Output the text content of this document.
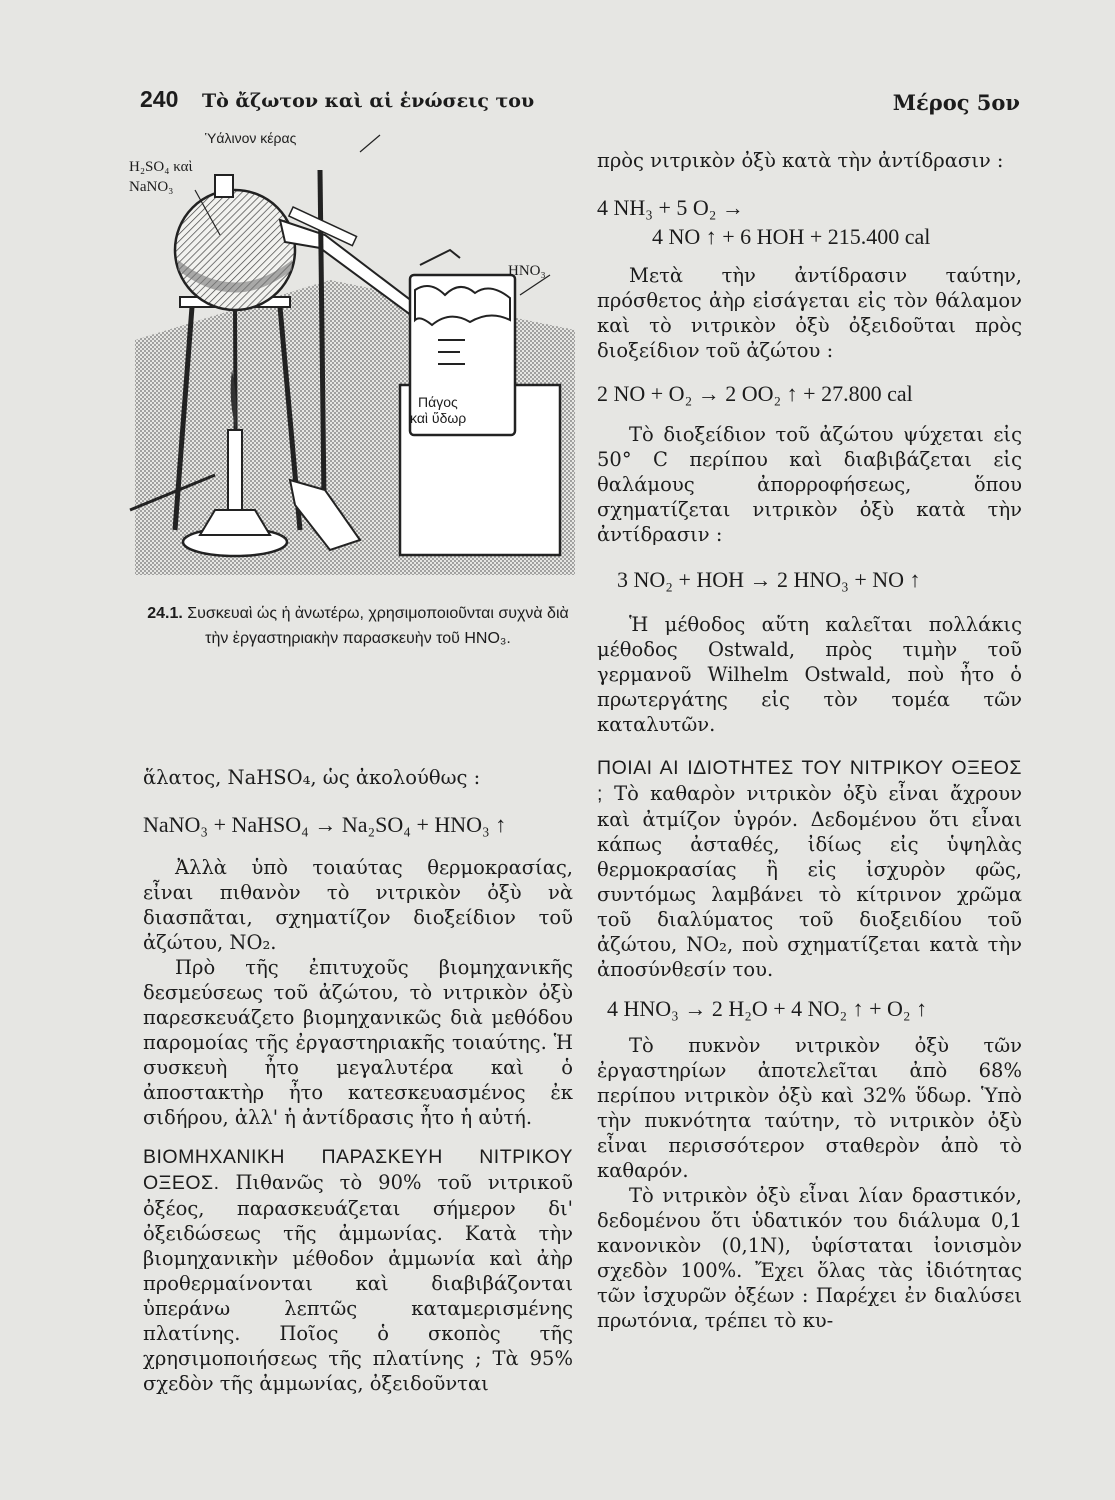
240 Τὸ ἄζωτον καὶ αἱ ἑνώσεις του	Μέρος 5ον
Ὑάλινον κέρας
H₂SO₄ καὶ
NaNO₃
HNO₃
Πάγος
καὶ ὕδωρ
24.1. Συσκευαὶ ὡς ἡ ἀνωτέρω, χρησιμοποιοῦνται συχνὰ διὰ τὴν ἐργαστηριακὴν παρασκευὴν τοῦ HNO₃.

ἅλατος, NaHSO₄, ὡς ἀκολούθως :

NaNO₃ + NaHSO₄ → Na₂SO₄ + HNO₃ ↑

Ἀλλὰ ὑπὸ τοιαύτας θερμοκρασίας, εἶναι πιθανὸν τὸ νιτρικὸν ὀξὺ νὰ διασπᾶται, σχηματίζον διοξείδιον τοῦ ἀζώτου, NO₂.

Πρὸ τῆς ἐπιτυχοῦς βιομηχανικῆς δεσμεύσεως τοῦ ἀζώτου, τὸ νιτρικὸν ὀξὺ παρεσκευάζετο βιομηχανικῶς διὰ μεθόδου παρομοίας τῆς ἐργαστηριακῆς τοιαύτης. Ἡ συσκευὴ ἦτο μεγαλυτέρα καὶ ὁ ἀποστακτὴρ ἦτο κατεσκευασμένος ἐκ σιδήρου, ἀλλ' ἡ ἀντίδρασις ἦτο ἡ αὐτή.

ΒΙΟΜΗΧΑΝΙΚΗ ΠΑΡΑΣΚΕΥΗ ΝΙΤΡΙΚΟΥ ΟΞΕΟΣ. Πιθανῶς τὸ 90% τοῦ νιτρικοῦ ὀξέος, παρασκευάζεται σήμερον δι' ὀξειδώσεως τῆς ἀμμωνίας. Κατὰ τὴν βιομηχανικὴν μέθοδον ἀμμωνία καὶ ἀὴρ προθερμαίνονται καὶ διαβιβάζονται ὑπεράνω λεπτῶς καταμερισμένης πλατίνης. Ποῖος ὁ σκοπὸς τῆς χρησιμοποιήσεως τῆς πλατίνης ; Τὰ 95% σχεδὸν τῆς ἀμμωνίας, ὀξειδοῦνται

πρὸς νιτρικὸν ὀξὺ κατὰ τὴν ἀντίδρασιν :

4 NH₃ + 5 O₂ →

4 NO ↑ + 6 HOH + 215.400 cal

Μετὰ τὴν ἀντίδρασιν ταύτην, πρόσθετος ἀὴρ εἰσάγεται εἰς τὸν θάλαμον καὶ τὸ νιτρικὸν ὀξὺ ὀξειδοῦται πρὸς διοξείδιον τοῦ ἀζώτου :

2 NO + O₂ → 2 OO₂ ↑ + 27.800 cal

Τὸ διοξείδιον τοῦ ἀζώτου ψύχεται εἰς 50° C περίπου καὶ διαβιβάζεται εἰς θαλάμους ἀπορροφήσεως, ὅπου σχηματίζεται νιτρικὸν ὀξὺ κατὰ τὴν ἀντίδρασιν :

3 NO₂ + HOH → 2 HNO₃ + NO ↑

Ἡ μέθοδος αὕτη καλεῖται πολλάκις μέθοδος Ostwald, πρὸς τιμὴν τοῦ γερμανοῦ Wilhelm Ostwald, ποὺ ἦτο ὁ πρωτεργάτης εἰς τὸν τομέα τῶν καταλυτῶν.

ΠΟΙΑΙ ΑΙ ΙΔΙΟΤΗΤΕΣ ΤΟΥ ΝΙΤΡΙΚΟΥ ΟΞΕΟΣ ; Τὸ καθαρὸν νιτρικὸν ὀξὺ εἶναι ἄχρουν καὶ ἀτμίζον ὑγρόν. Δεδομένου ὅτι εἶναι κάπως ἀσταθές, ἰδίως εἰς ὑψηλὰς θερμοκρασίας ἢ εἰς ἰσχυρὸν φῶς, συντόμως λαμβάνει τὸ κίτρινον χρῶμα τοῦ διαλύματος τοῦ διοξειδίου τοῦ ἀζώτου, NO₂, ποὺ σχηματίζεται κατὰ τὴν ἀποσύνθεσίν του.

4 HNO₃ → 2 H₂O + 4 NO₂ ↑ + O₂ ↑

Τὸ πυκνὸν νιτρικὸν ὀξὺ τῶν ἐργαστηρίων ἀποτελεῖται ἀπὸ 68% περίπου νιτρικὸν ὀξὺ καὶ 32% ὕδωρ. Ὑπὸ τὴν πυκνότητα ταύτην, τὸ νιτρικὸν ὀξὺ εἶναι περισσότερον σταθερὸν ἀπὸ τὸ καθαρόν.

Τὸ νιτρικὸν ὀξὺ εἶναι λίαν δραστικόν, δεδομένου ὅτι ὑδατικόν του διάλυμα 0,1 κανονικὸν (0,1N), ὑφίσταται ἰονισμὸν σχεδὸν 100%. Ἔχει ὅλας τὰς ἰδιότητας τῶν ἰσχυρῶν ὀξέων : Παρέχει ἐν διαλύσει πρωτόνια, τρέπει τὸ κυ-
